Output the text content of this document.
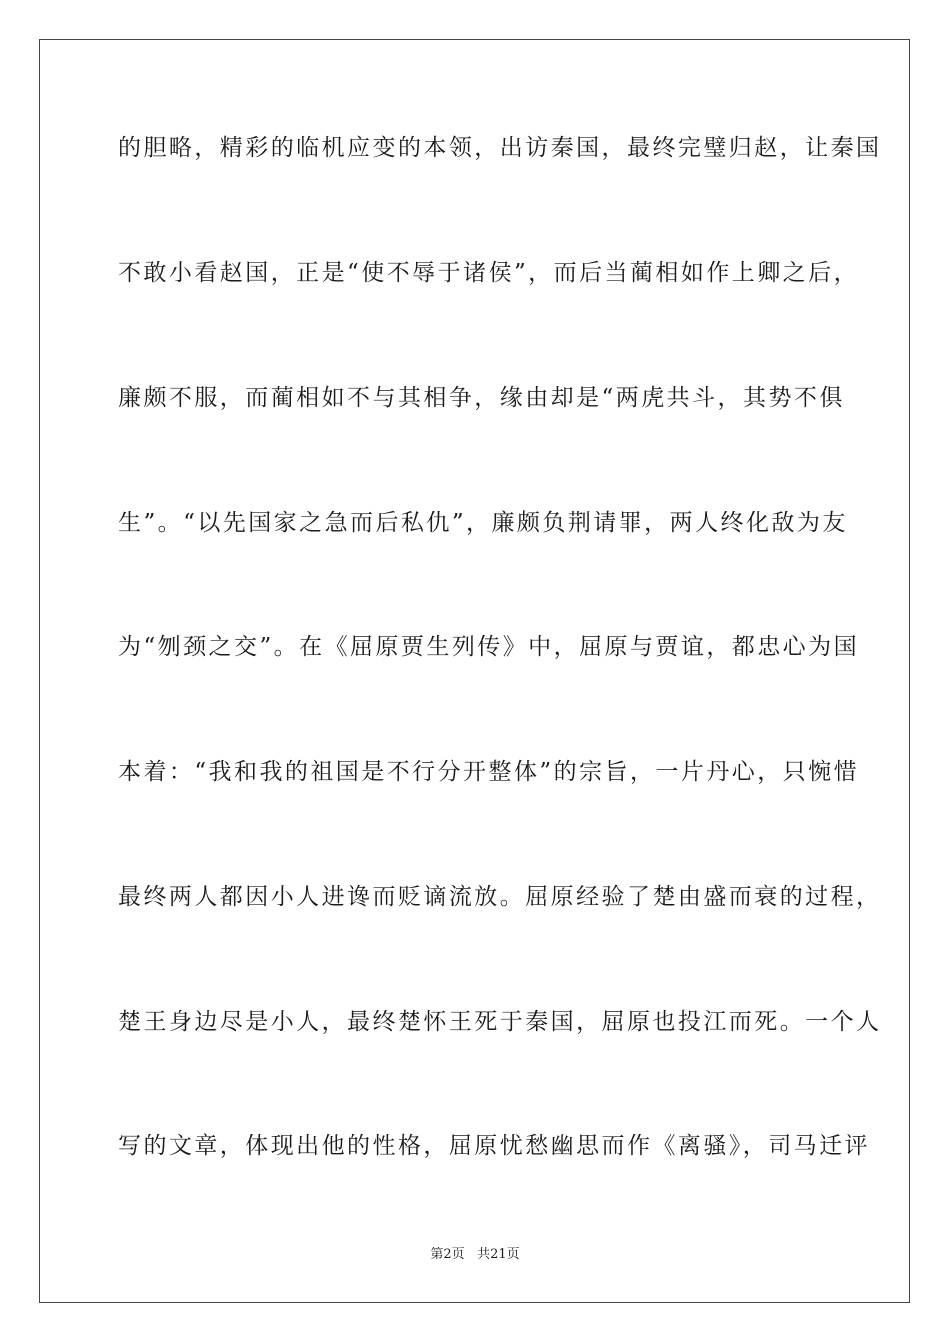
的胆略，精彩的临机应变的本领，出访秦国，最终完璧归赵，让秦国
不敢小看赵国，正是“使不辱于诸侯”，而后当蔺相如作上卿之后，
廉颇不服，而蔺相如不与其相争，缘由却是“两虎共斗，其势不俱
生”。“以先国家之急而后私仇”，廉颇负荆请罪，两人终化敌为友
为“刎颈之交”。在《屈原贾生列传》中，屈原与贾谊，都忠心为国
本着：“我和我的祖国是不行分开整体”的宗旨，一片丹心，只惋惜
最终两人都因小人进谗而贬谪流放。屈原经验了楚由盛而衰的过程，
楚王身边尽是小人，最终楚怀王死于秦国，屈原也投江而死。一个人
写的文章，体现出他的性格，屈原忧愁幽思而作《离骚》，司马迁评
第2页 共21页
